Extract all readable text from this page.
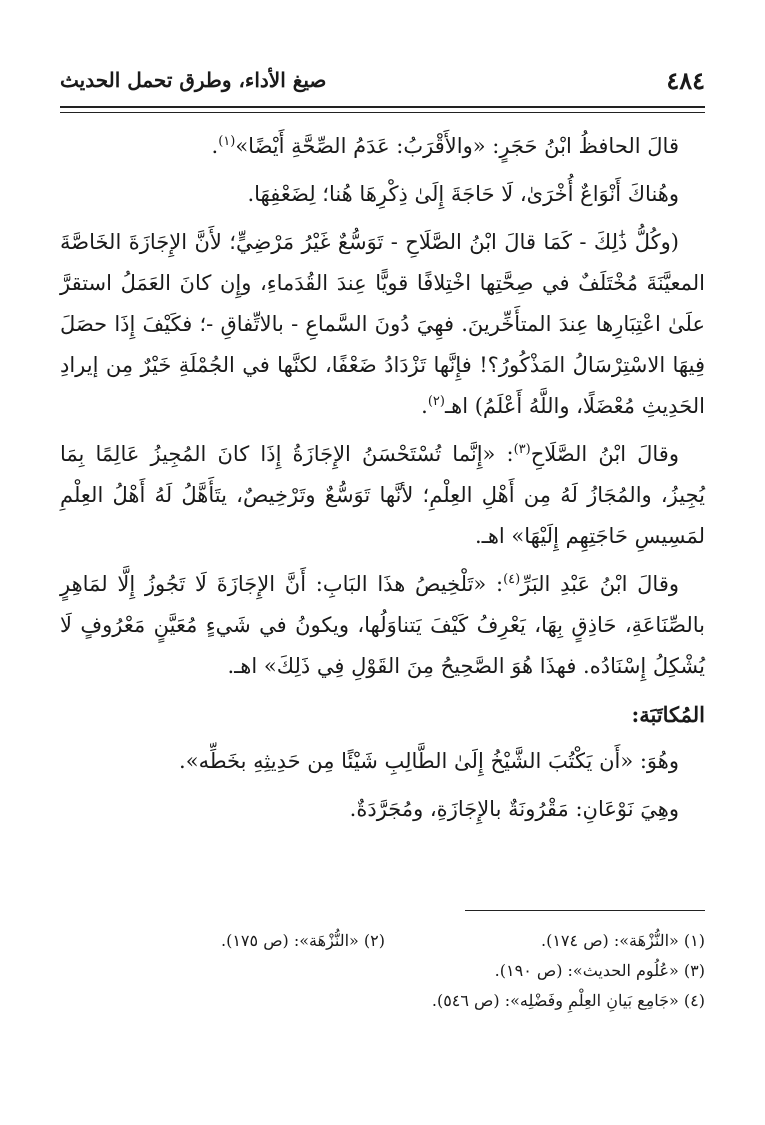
٤٨٤
صيغ الأداء، وطرق تحمل الحديث

قالَ الحافظُ ابْنُ حَجَرٍ: «والأَقْرَبُ: عَدَمُ الصِّحَّةِ أَيْضًا»$^{(١)}$.

وهُناكَ أَنْوَاعٌ أُخْرَىٰ، لَا حَاجَةَ إِلَىٰ ذِكْرِهَا هُنا؛ لِضَعْفِهَا.

(وكُلُّ ذَٰلِكَ - كَمَا قالَ ابْنُ الصَّلَاحِ - تَوَسُّعٌ غَيْرُ مَرْضِيٍّ؛ لأَنَّ الإِجَازَةَ الخَاصَّةَ المعيَّنَةَ مُخْتَلَفٌ في صِحَّتِها اخْتِلافًا قويًّا عِندَ القُدَماءِ، وإِن كانَ العَمَلُ استقرَّ علَىٰ اعْتِبَارِها عِندَ المتأَخِّرينَ. فهِيَ دُونَ السَّماعِ - بالاتِّفاقِ -؛ فكَيْفَ إِذَا حصَلَ فِيهَا الاسْتِرْسَالُ المَذْكُورُ؟! فإِنَّها تَزْدَادُ ضَعْفًا، لكنَّها في الجُمْلَةِ خَيْرٌ مِن إيرادِ الحَدِيثِ مُعْضَلًا، واللَّهُ أَعْلَمُ) اهـ$^{(٢)}$.

وقالَ ابْنُ الصَّلَاحِ$^{(٣)}$: «إِنَّما تُسْتَحْسَنُ الإِجَازَةُ إِذَا كانَ المُجِيزُ عَالِمًا بِمَا يُجِيزُ، والمُجَازُ لَهُ مِن أَهْلِ العِلْمِ؛ لأنَّها تَوَسُّعٌ وتَرْخِيصٌ، يتَأَهَّلُ لَهُ أَهْلُ العِلْمِ لمَسِيسِ حَاجَتِهِم إِلَيْهَا» اهـ.

وقالَ ابْنُ عَبْدِ البَرِّ$^{(٤)}$: «تَلْخِيصُ هذَا البَابِ: أَنَّ الإِجَازَةَ لَا تَجُوزُ إِلَّا لمَاهِرٍ بالصِّنَاعَةِ، حَاذِقٍ بِهَا، يَعْرِفُ كَيْفَ يَتناوَلُها، ويكونُ في شَيءٍ مُعَيَّنٍ مَعْرُوفٍ لَا يُشْكِلُ إِسْنَادُه. فهذَا هُوَ الصَّحِيحُ مِنَ القَوْلِ فِي ذَلِكَ» اهـ.

المُكاتَبَة:

وهُوَ: «أَن يَكْتُبَ الشَّيْخُ إِلَىٰ الطَّالِبِ شَيْئًا مِن حَدِيثِهِ بخَطِّه».

وهِيَ نَوْعَانِ: مَقْرُونَةٌ بالإِجَازَةِ، ومُجَرَّدَةٌ.

(١) «النُّزْهَة»: (ص ١٧٤).
(٢) «النُّزْهَة»: (ص ١٧٥).
(٣) «عُلُوم الحديث»: (ص ١٩٠).
(٤) «جَامِع بَيانِ العِلْمِ وفَضْلِه»: (ص ٥٤٦).
